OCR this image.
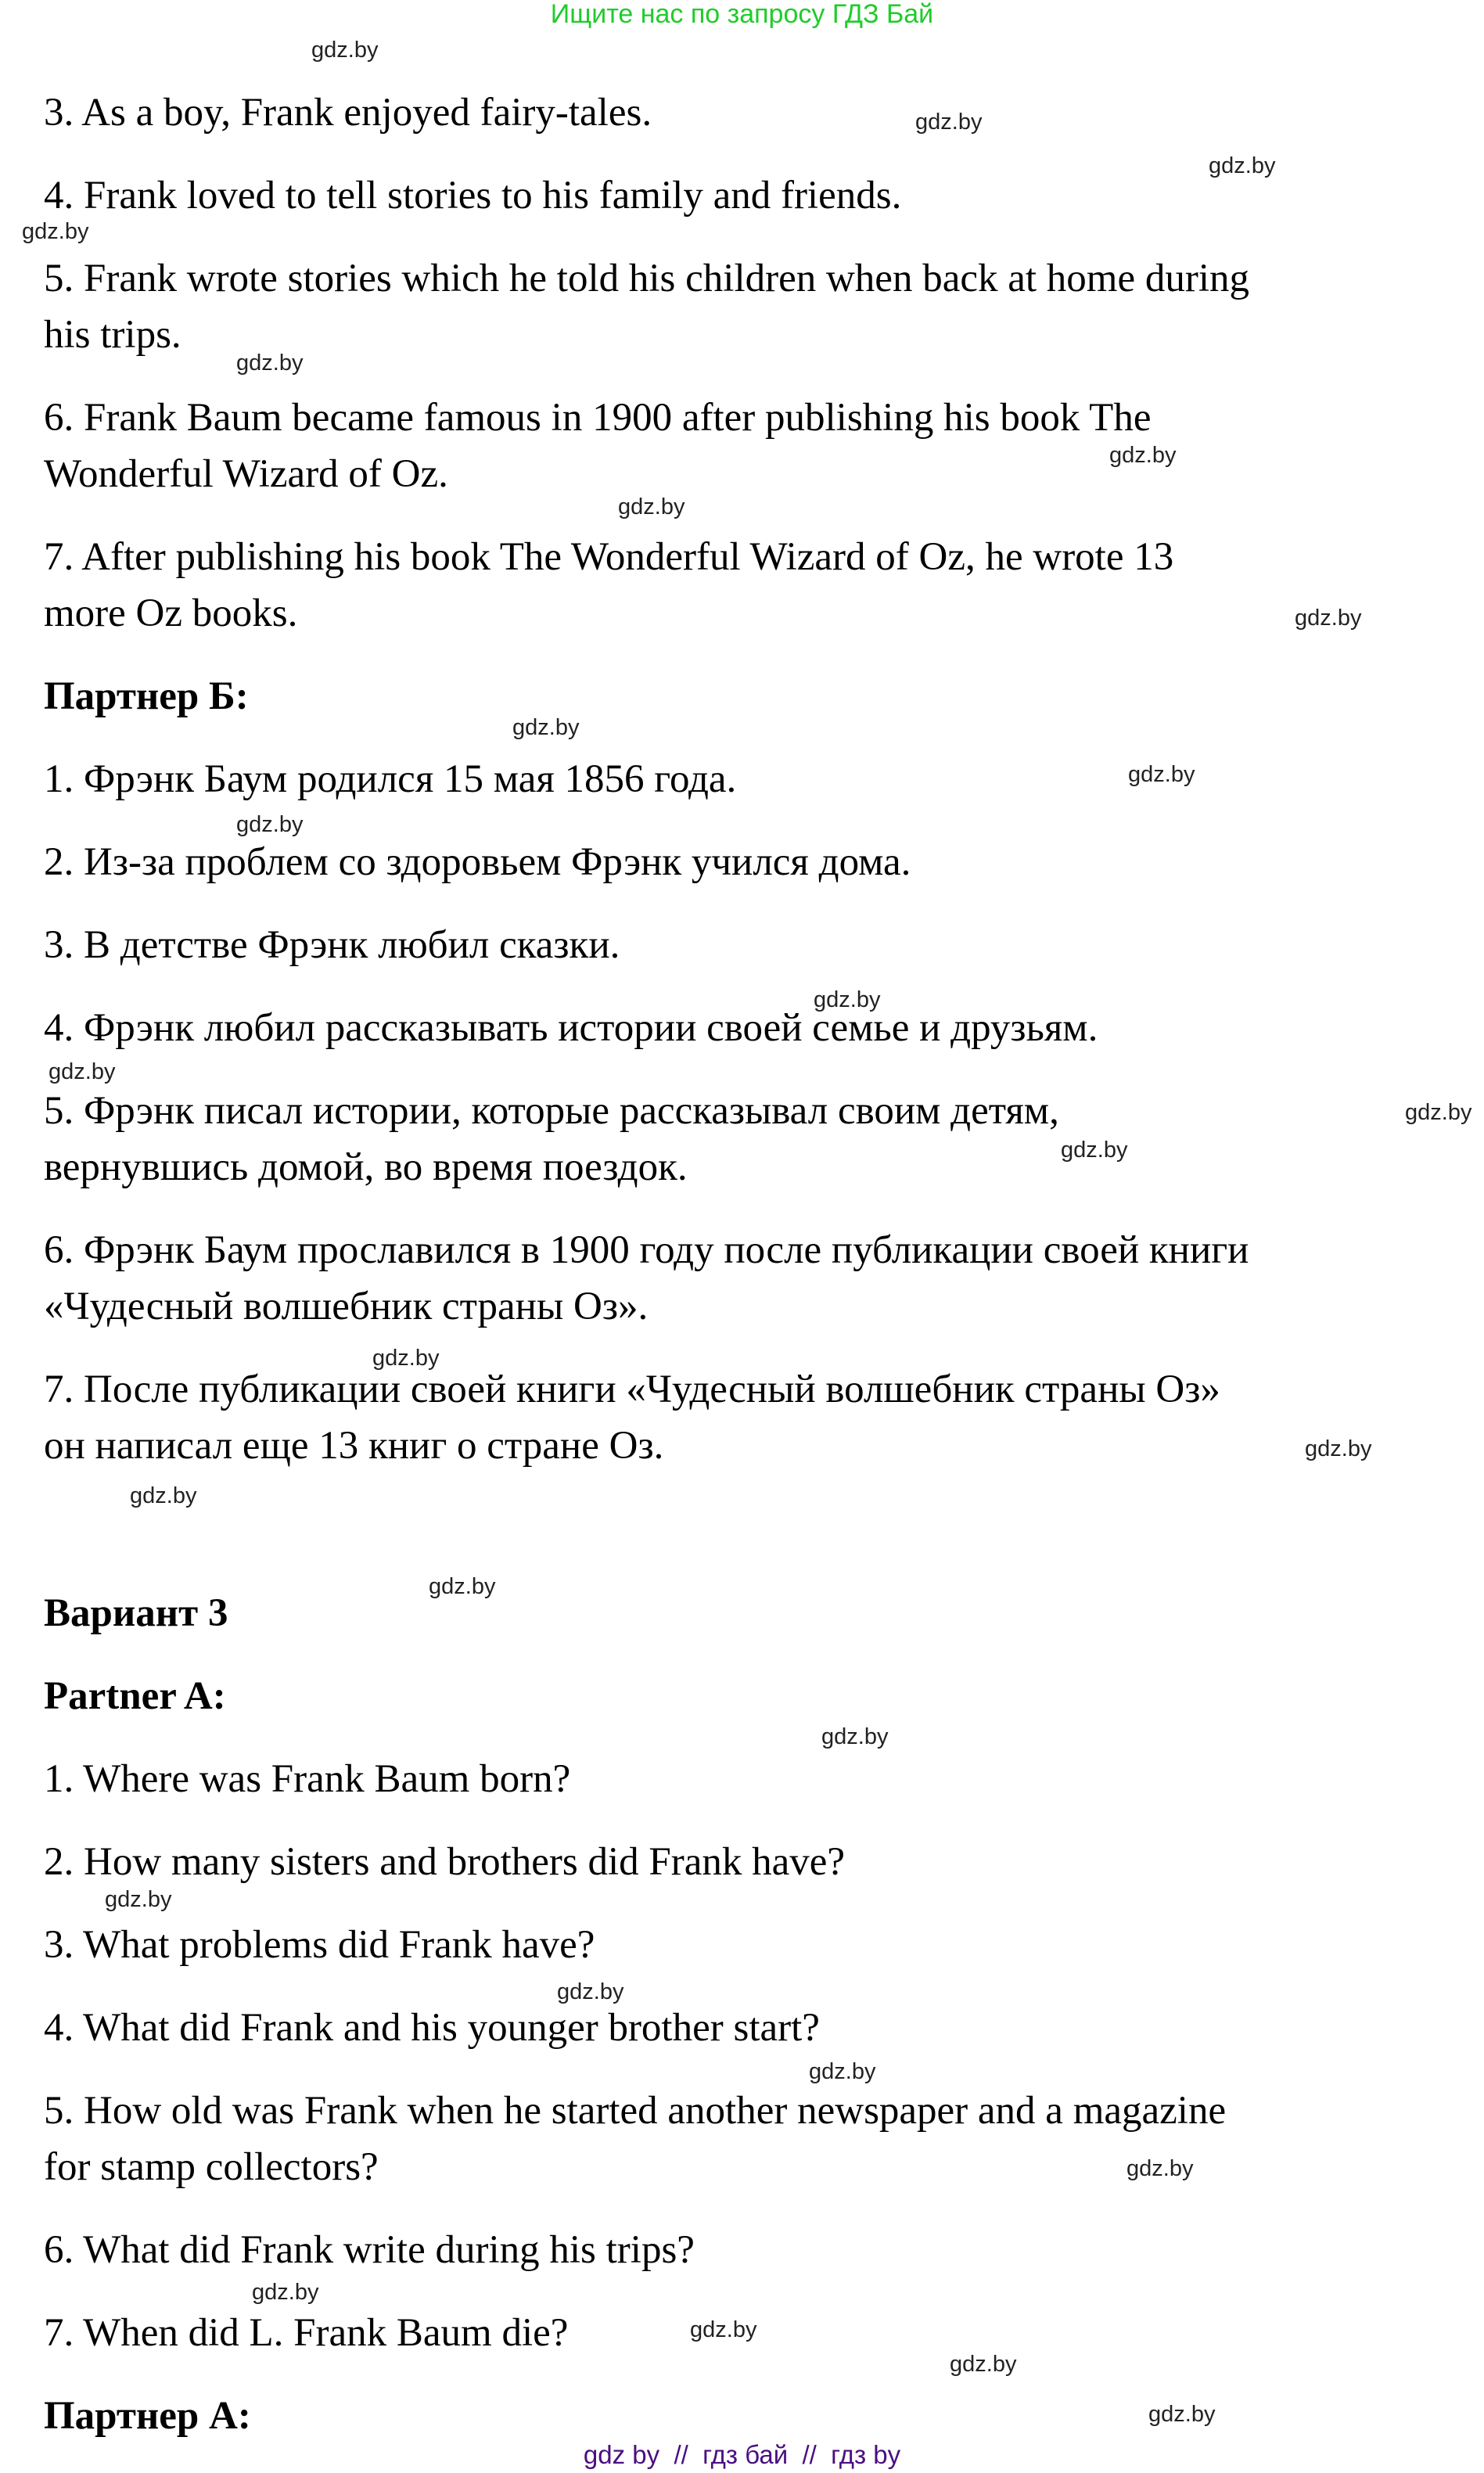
Ищите нас по запросу ГДЗ Бай
3. As a boy, Frank enjoyed fairy-tales.
4. Frank loved to tell stories to his family and friends.
5. Frank wrote stories which he told his children when back at home during
his trips.
6. Frank Baum became famous in 1900 after publishing his book The
Wonderful Wizard of Oz.
7. After publishing his book The Wonderful Wizard of Oz, he wrote 13
more Oz books.
Партнер Б:
1. Фрэнк Баум родился 15 мая 1856 года.
2. Из-за проблем со здоровьем Фрэнк учился дома.
3. В детстве Фрэнк любил сказки.
4. Фрэнк любил рассказывать истории своей семье и друзьям.
5. Фрэнк писал истории, которые рассказывал своим детям,
вернувшись домой, во время поездок.
6. Фрэнк Баум прославился в 1900 году после публикации своей книги
«Чудесный волшебник страны Оз».
7. После публикации своей книги «Чудесный волшебник страны Оз»
он написал еще 13 книг о стране Оз.
Вариант 3
Partner A:
1. Where was Frank Baum born?
2. How many sisters and brothers did Frank have?
3. What problems did Frank have?
4. What did Frank and his younger brother start?
5. How old was Frank when he started another newspaper and a magazine
for stamp collectors?
6. What did Frank write during his trips?
7. When did L. Frank Baum die?
Партнер А:
gdz.by
gdz.by
gdz.by
gdz.by
gdz.by
gdz.by
gdz.by
gdz.by
gdz.by
gdz.by
gdz.by
gdz.by
gdz.by
gdz.by
gdz.by
gdz.by
gdz.by
gdz.by
gdz.by
gdz.by
gdz.by
gdz.by
gdz.by
gdz.by
gdz.by
gdz.by
gdz.by
gdz.by
gdz by  //  гдз бай  //  гдз by
